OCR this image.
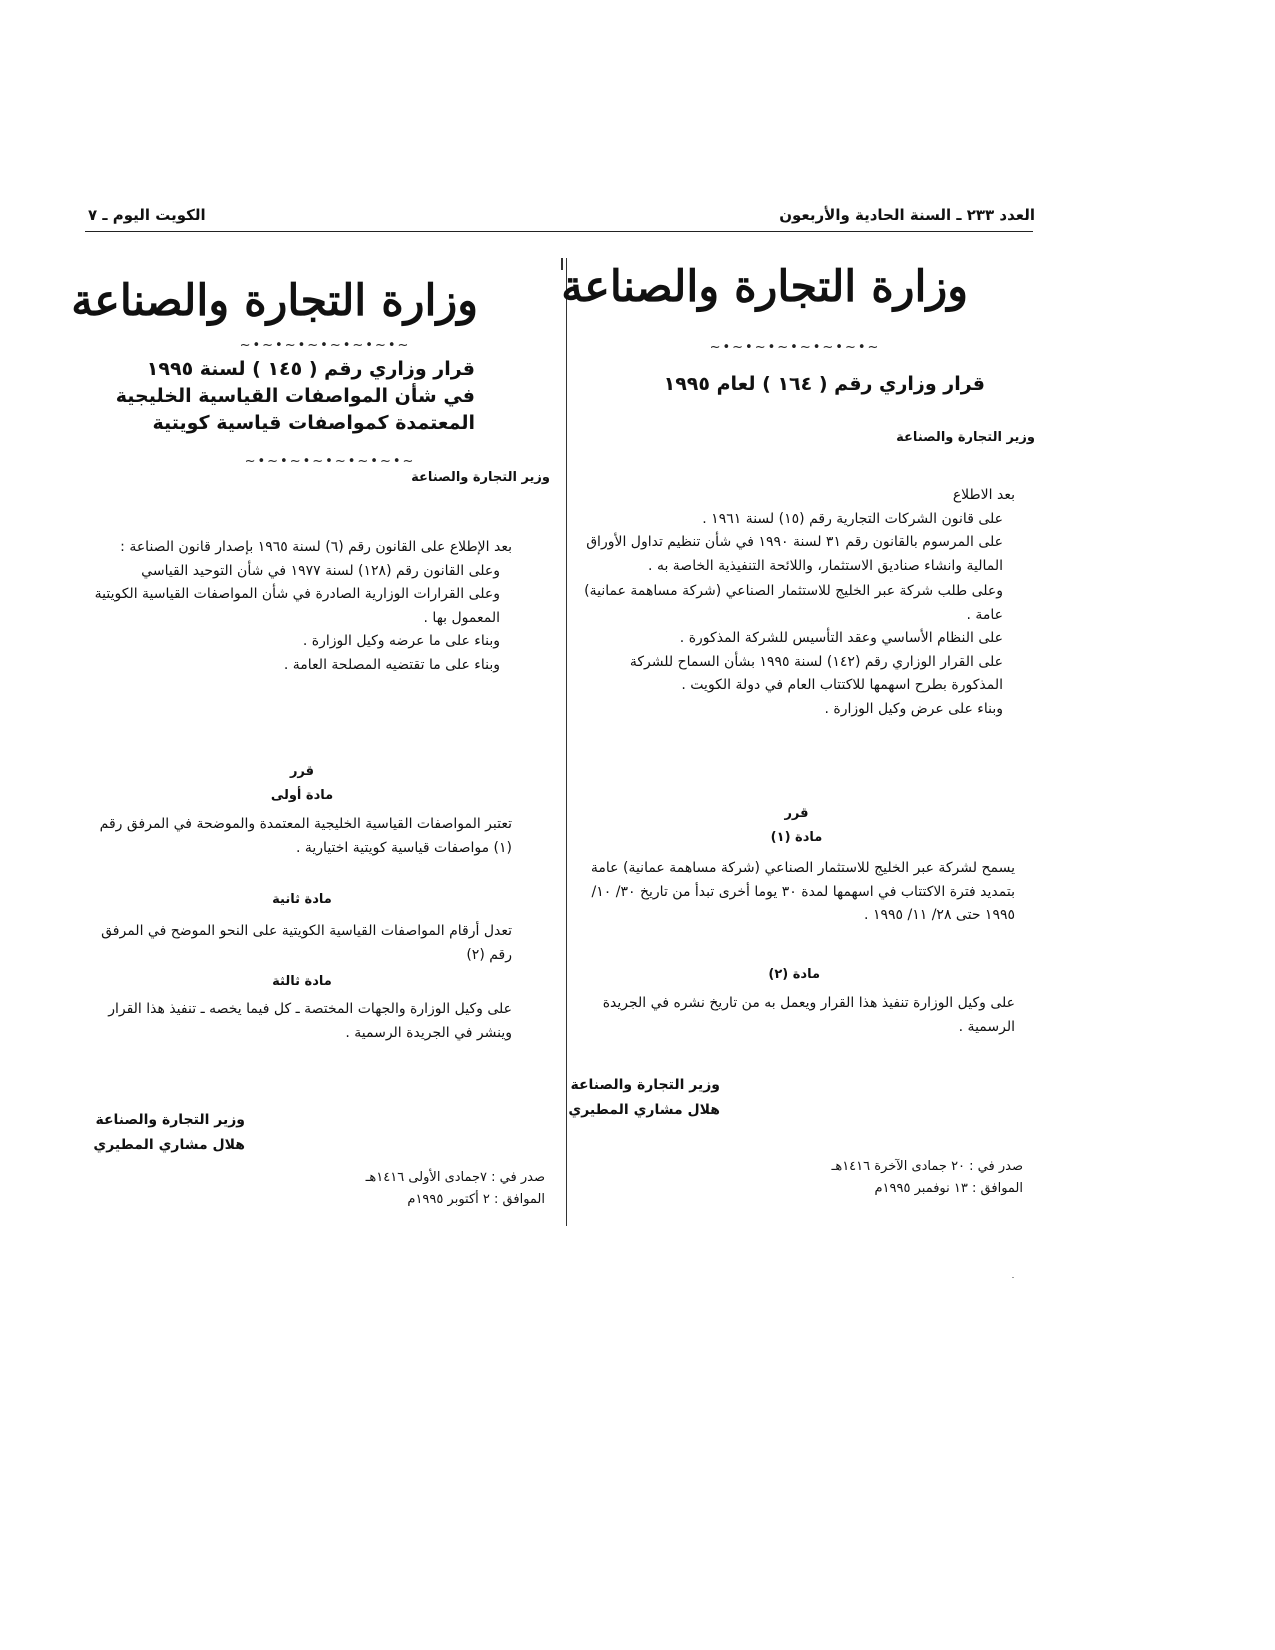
العدد ٢٣٣ ـ السنة الحادية والأربعون
الكويت اليوم ـ ٧
وزارة التجارة والصناعة
~•~•~•~•~•~•~•~
قرار وزاري رقم ( ١٦٤ ) لعام ١٩٩٥
وزير التجارة والصناعة

بعد الاطلاع

على قانون الشركات التجارية رقم (١٥) لسنة ١٩٦١ .

على المرسوم بالقانون رقم ٣١ لسنة ١٩٩٠ في شأن تنظيم تداول الأوراق المالية وانشاء صناديق الاستثمار، واللائحة التنفيذية الخاصة به .

وعلى طلب شركة عبر الخليج للاستثمار الصناعي (شركة مساهمة عمانية) عامة .

على النظام الأساسي وعقد التأسيس للشركة المذكورة .

على القرار الوزاري رقم (١٤٢) لسنة ١٩٩٥ بشأن السماح للشركة المذكورة بطرح اسهمها للاكتتاب العام في دولة الكويت .

وبناء على عرض وكيل الوزارة .

قرر
مادة (١)
يسمح لشركة عبر الخليج للاستثمار الصناعي (شركة مساهمة عمانية) عامة بتمديد فترة الاكتتاب في اسهمها لمدة ٣٠ يوما أخرى تبدأ من تاريخ ٣٠/ ١٠/ ١٩٩٥ حتى ٢٨/ ١١/ ١٩٩٥ .
مادة (٢)
على وكيل الوزارة تنفيذ هذا القرار ويعمل به من تاريخ نشره في الجريدة الرسمية .
وزير التجارة والصناعة
هلال مشاري المطيري
صدر في : ٢٠ جمادى الآخرة ١٤١٦هـ
الموافق : ١٣ نوفمبر ١٩٩٥م
وزارة التجارة والصناعة
~•~•~•~•~•~•~•~
قرار وزاري رقم ( ١٤٥ ) لسنة ١٩٩٥
في شأن المواصفات القياسية الخليجية
المعتمدة كمواصفات قياسية كويتية
~•~•~•~•~•~•~•~
وزير التجارة والصناعة

بعد الإطلاع على القانون رقم (٦) لسنة ١٩٦٥ بإصدار قانون الصناعة :

وعلى القانون رقم (١٢٨) لسنة ١٩٧٧ في شأن التوحيد القياسي

وعلى القرارات الوزارية الصادرة في شأن المواصفات القياسية الكويتية المعمول بها .

وبناء على ما عرضه وكيل الوزارة .

وبناء على ما تقتضيه المصلحة العامة .

قرر
مادة أولى
تعتبر المواصفات القياسية الخليجية المعتمدة والموضحة في المرفق رقم (١) مواصفات قياسية كويتية اختيارية .
مادة ثانية
تعدل أرقام المواصفات القياسية الكويتية على النحو الموضح في المرفق رقم (٢)
مادة ثالثة
على وكيل الوزارة والجهات المختصة ـ كل فيما يخصه ـ تنفيذ هذا القرار وينشر في الجريدة الرسمية .
وزير التجارة والصناعة
هلال مشاري المطيري
صدر في : ٧جمادى الأولى ١٤١٦هـ
الموافق : ٢ أكتوبر ١٩٩٥م
